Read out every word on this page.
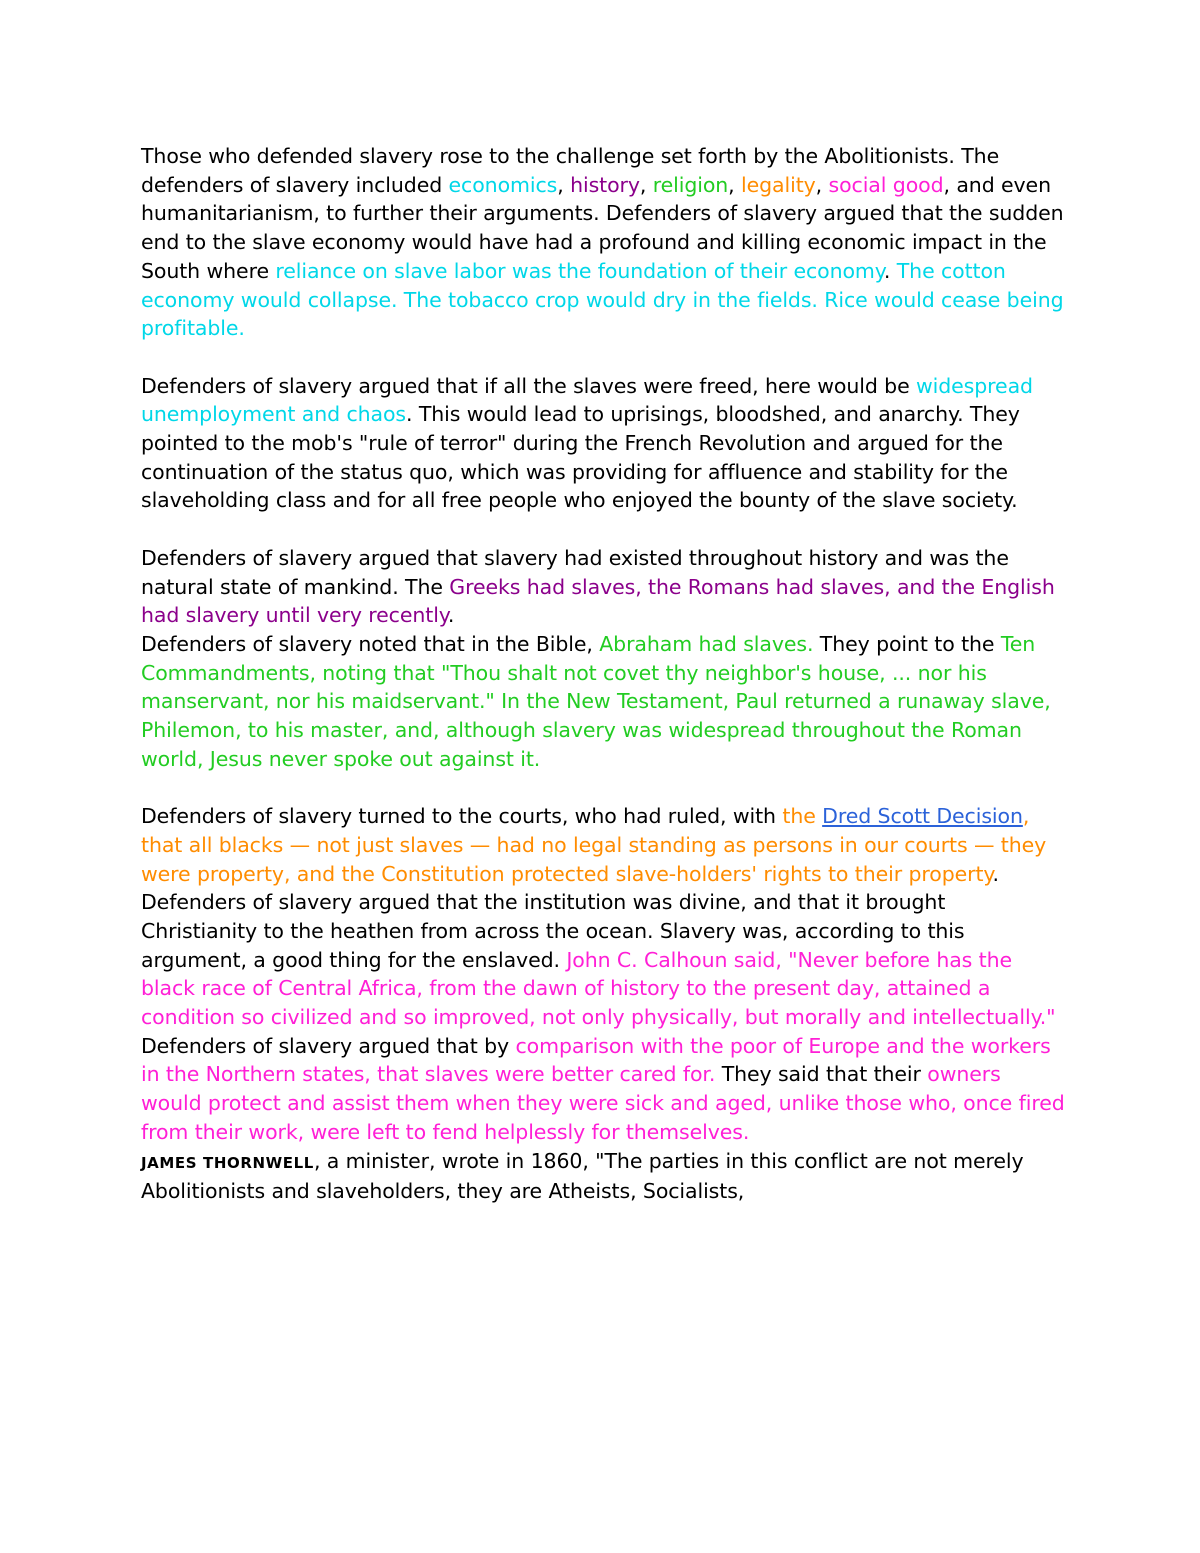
Those who defended slavery rose to the challenge set forth by the Abolitionists. The defenders of slavery included economics, history, religion, legality, social good, and even humanitarianism, to further their arguments. Defenders of slavery argued that the sudden end to the slave economy would have had a profound and killing economic impact in the South where reliance on slave labor was the foundation of their economy. The cotton economy would collapse. The tobacco crop would dry in the fields. Rice would cease being profitable.

Defenders of slavery argued that if all the slaves were freed, here would be widespread unemployment and chaos. This would lead to uprisings, bloodshed, and anarchy. They pointed to the mob's "rule of terror" during the French Revolution and argued for the continuation of the status quo, which was providing for affluence and stability for the slaveholding class and for all free people who enjoyed the bounty of the slave society.

Defenders of slavery argued that slavery had existed throughout history and was the natural state of mankind. The Greeks had slaves, the Romans had slaves, and the English had slavery until very recently.

Defenders of slavery noted that in the Bible, Abraham had slaves. They point to the Ten Commandments, noting that "Thou shalt not covet thy neighbor's house, ... nor his manservant, nor his maidservant." In the New Testament, Paul returned a runaway slave, Philemon, to his master, and, although slavery was widespread throughout the Roman world, Jesus never spoke out against it.

Defenders of slavery turned to the courts, who had ruled, with the Dred Scott Decision, that all blacks — not just slaves — had no legal standing as persons in our courts — they were property, and the Constitution protected slave-holders' rights to their property.

Defenders of slavery argued that the institution was divine, and that it brought Christianity to the heathen from across the ocean. Slavery was, according to this argument, a good thing for the enslaved. John C. Calhoun said, "Never before has the black race of Central Africa, from the dawn of history to the present day, attained a condition so civilized and so improved, not only physically, but morally and intellectually."

Defenders of slavery argued that by comparison with the poor of Europe and the workers in the Northern states, that slaves were better cared for. They said that their owners would protect and assist them when they were sick and aged, unlike those who, once fired from their work, were left to fend helplessly for themselves.

JAMES THORNWELL, a minister, wrote in 1860, "The parties in this conflict are not merely Abolitionists and slaveholders, they are Atheists, Socialists,
